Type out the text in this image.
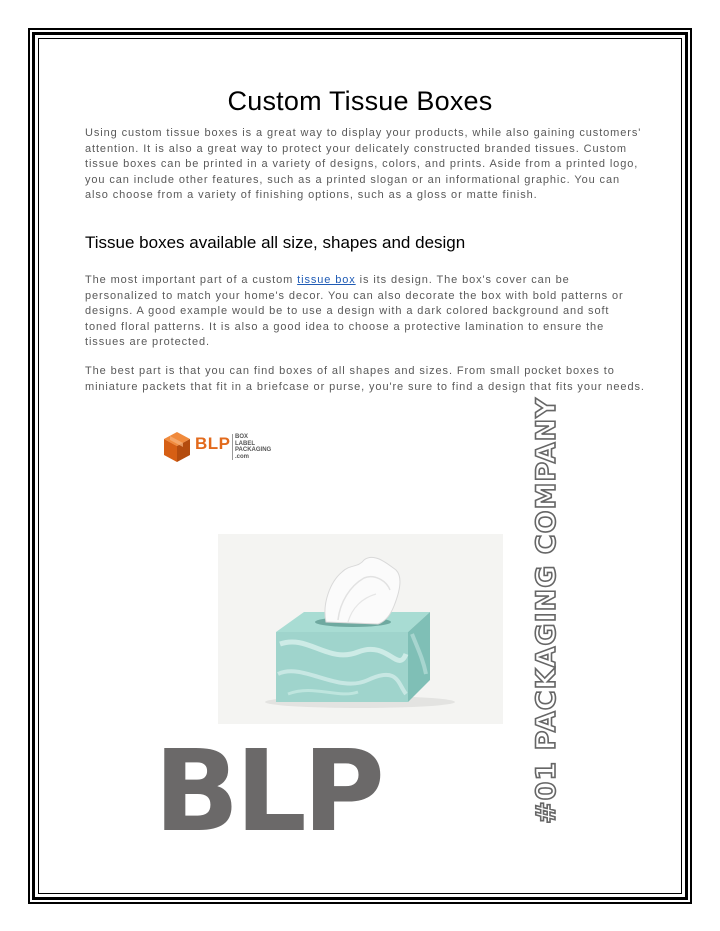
Custom Tissue Boxes
Using custom tissue boxes is a great way to display your products, while also gaining customers' attention. It is also a great way to protect your delicately constructed branded tissues. Custom tissue boxes can be printed in a variety of designs, colors, and prints. Aside from a printed logo, you can include other features, such as a printed slogan or an informational graphic. You can also choose from a variety of finishing options, such as a gloss or matte finish.
Tissue boxes available all size, shapes and design
The most important part of a custom tissue box is its design. The box's cover can be personalized to match your home's decor. You can also decorate the box with bold patterns or designs. A good example would be to use a design with a dark colored background and soft toned floral patterns. It is also a good idea to choose a protective lamination to ensure the tissues are protected.
The best part is that you can find boxes of all shapes and sizes. From small pocket boxes to miniature packets that fit in a briefcase or purse, you're sure to find a design that fits your needs.
BLP BOX
LABEL
PACKAGING
.com
BLP	#01 PACKAGING COMPANY
